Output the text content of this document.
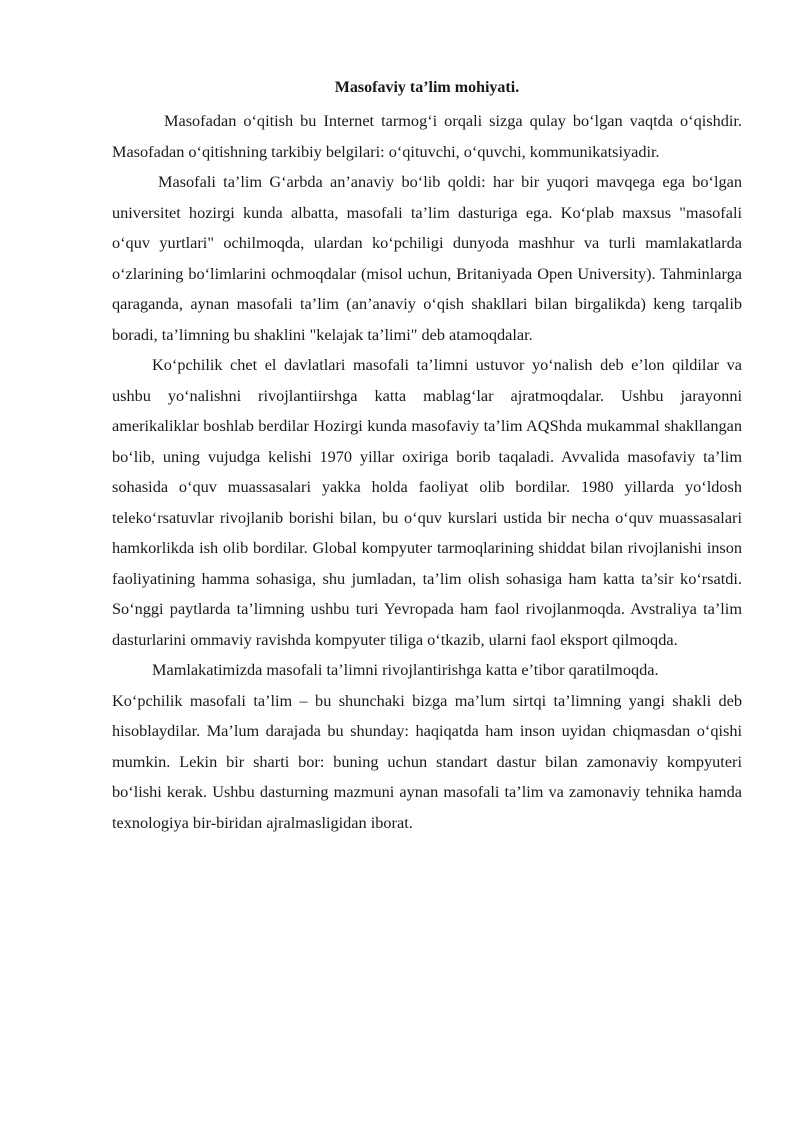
Masofaviy ta’lim mohiyati.

Masofadan o‘qitish bu Internet tarmog‘i orqali sizga qulay bo‘lgan vaqtda o‘qishdir. Masofadan o‘qitishning tarkibiy belgilari: o‘qituvchi, o‘quvchi, kommunikatsiyadir.

Masofali ta’lim G‘arbda an’anaviy bo‘lib qoldi: har bir yuqori mavqega ega bo‘lgan universitet hozirgi kunda albatta, masofali ta’lim dasturiga ega. Ko‘plab maxsus "masofali o‘quv yurtlari" ochilmoqda, ulardan ko‘pchiligi dunyoda mashhur va turli mamlakatlarda o‘zlarining bo‘limlarini ochmoqdalar (misol uchun, Britaniyada Open University). Tahminlarga qaraganda, aynan masofali ta’lim (an’anaviy o‘qish shakllari bilan birgalikda) keng tarqalib boradi, ta’limning bu shaklini "kelajak ta’limi" deb atamoqdalar.

Ko‘pchilik chet el davlatlari masofali ta’limni ustuvor yo‘nalish deb e’lon qildilar va ushbu yo‘nalishni rivojlantiirshga katta mablag‘lar ajratmoqdalar. Ushbu jarayonni amerikaliklar boshlab berdilar Hozirgi kunda masofaviy ta’lim AQShda mukammal shakllangan bo‘lib, uning vujudga kelishi 1970 yillar oxiriga borib taqaladi. Avvalida masofaviy ta’lim sohasida o‘quv muassasalari yakka holda faoliyat olib bordilar. 1980 yillarda yo‘ldosh teleko‘rsatuvlar rivojlanib borishi bilan, bu o‘quv kurslari ustida bir necha o‘quv muassasalari hamkorlikda ish olib bordilar. Global kompyuter tarmoqlarining shiddat bilan rivojlanishi inson faoliyatining hamma sohasiga, shu jumladan, ta’lim olish sohasiga ham katta ta’sir ko‘rsatdi. So‘nggi paytlarda ta’limning ushbu turi Yevropada ham faol rivojlanmoqda. Avstraliya ta’lim dasturlarini ommaviy ravishda kompyuter tiliga o‘tkazib, ularni faol eksport qilmoqda.

Mamlakatimizda masofali ta’limni rivojlantirishga katta e’tibor qaratilmoqda.
Ko‘pchilik masofali ta’lim – bu shunchaki bizga ma’lum sirtqi ta’limning yangi shakli deb hisoblaydilar. Ma’lum darajada bu shunday: haqiqatda ham inson uyidan chiqmasdan o‘qishi mumkin. Lekin bir sharti bor: buning uchun standart dastur bilan zamonaviy kompyuteri bo‘lishi kerak. Ushbu dasturning mazmuni aynan masofali ta’lim va zamonaviy tehnika hamda texnologiya bir-biridan ajralmasligidan iborat.
